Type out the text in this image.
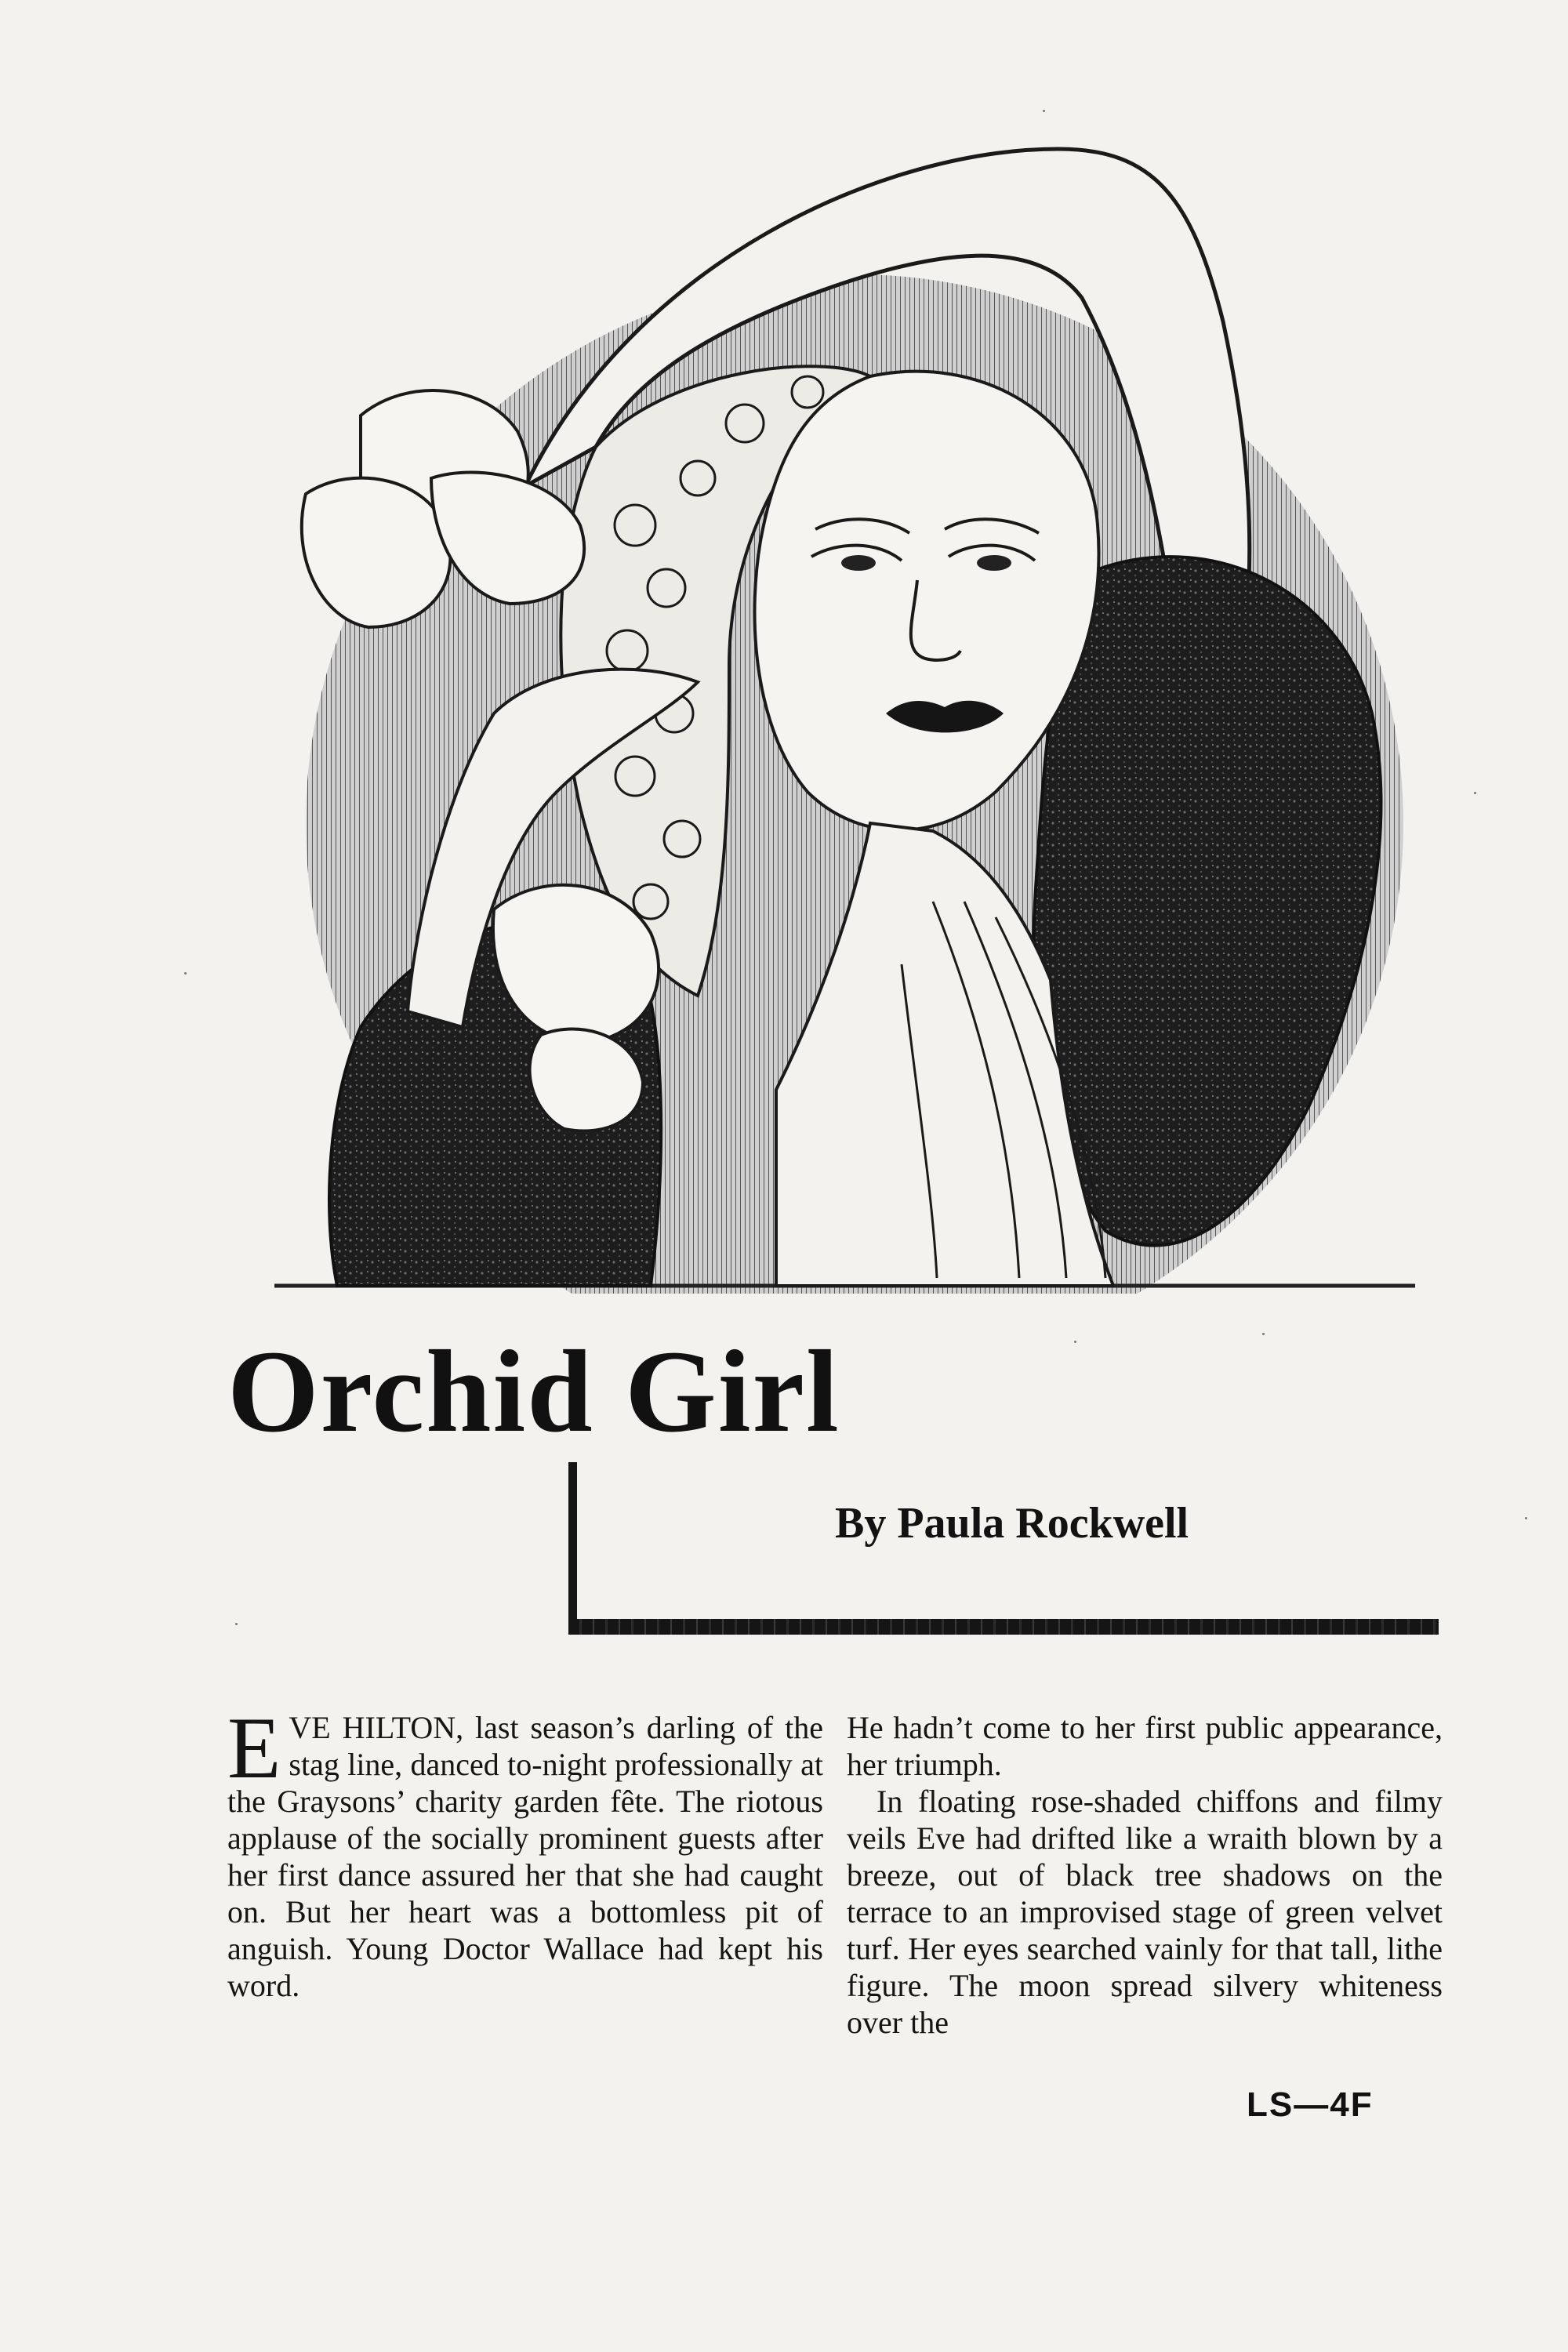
Orchid Girl
By Paula Rockwell

EVE HILTON, last season’s darling of the stag line, danced to-night professionally at the Graysons’ charity garden fête. The riotous applause of the socially prominent guests after her first dance assured her that she had caught on. But her heart was a bottomless pit of anguish. Young Doctor Wallace had kept his word.

He hadn’t come to her first public appearance, her triumph.

In floating rose-shaded chiffons and filmy veils Eve had drifted like a wraith blown by a breeze, out of black tree shadows on the terrace to an improvised stage of green velvet turf. Her eyes searched vainly for that tall, lithe figure. The moon spread silvery whiteness over the

LS—4F
